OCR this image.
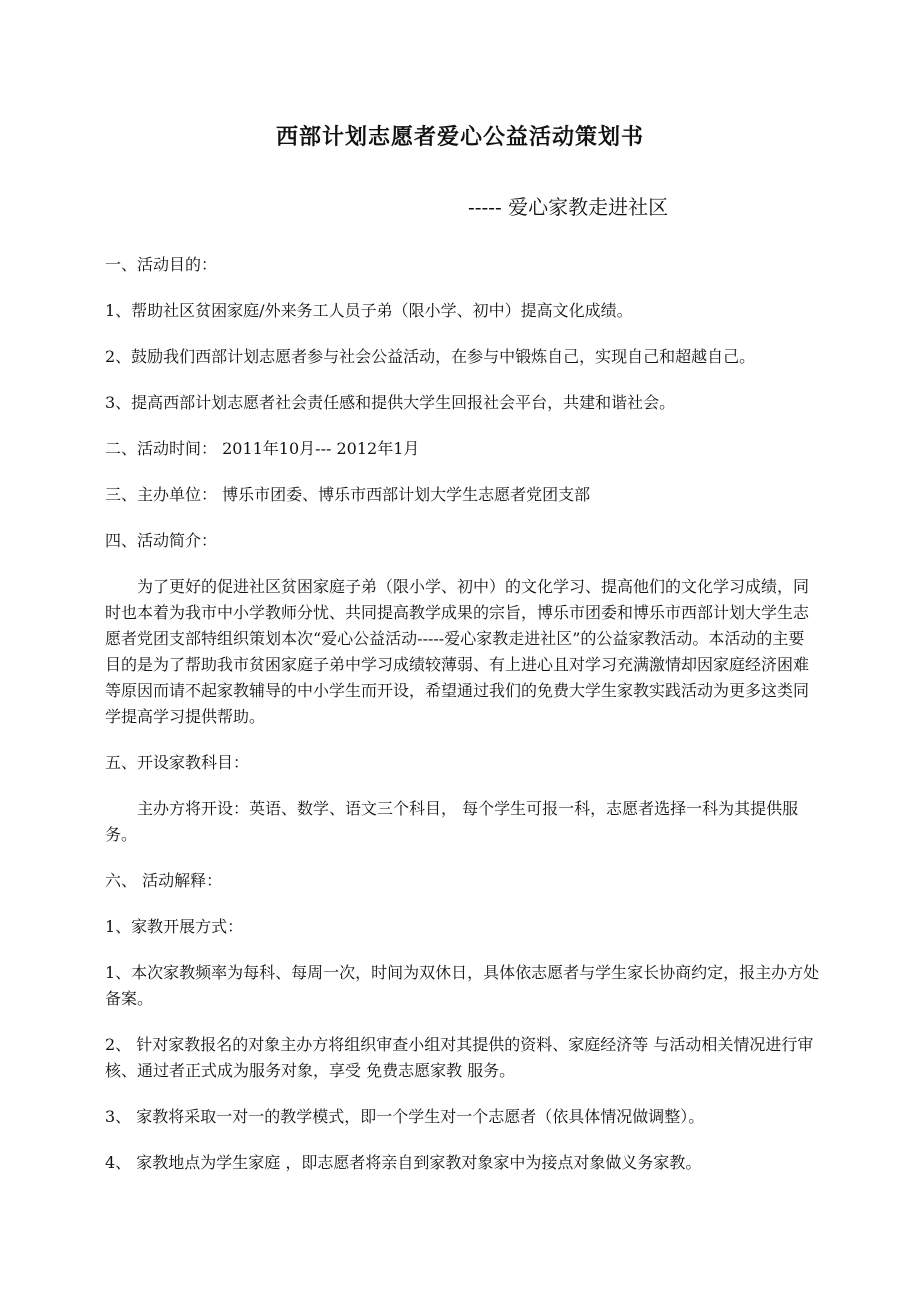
西部计划志愿者爱心公益活动策划书
----- 爱心家教走进社区

一、活动目的：

1、帮助社区贫困家庭/外来务工人员子弟（限小学、初中）提高文化成绩。

2、鼓励我们西部计划志愿者参与社会公益活动，在参与中锻炼自己，实现自己和超越自己。

3、提高西部计划志愿者社会责任感和提供大学生回报社会平台，共建和谐社会。

二、活动时间： 2011年10月--- 2012年1月

三、主办单位： 博乐市团委、博乐市西部计划大学生志愿者党团支部

四、活动简介：

为了更好的促进社区贫困家庭子弟（限小学、初中）的文化学习、提高他们的文化学习成绩，同时也本着为我市中小学教师分忧、共同提高教学成果的宗旨，博乐市团委和博乐市西部计划大学生志愿者党团支部特组织策划本次“爱心公益活动-----爱心家教走进社区”的公益家教活动。本活动的主要目的是为了帮助我市贫困家庭子弟中学习成绩较薄弱、有上进心且对学习充满激情却因家庭经济困难等原因而请不起家教辅导的中小学生而开设，希望通过我们的免费大学生家教实践活动为更多这类同学提高学习提供帮助。

五、开设家教科目：

主办方将开设：英语、数学、语文三个科目， 每个学生可报一科，志愿者选择一科为其提供服务。

六、 活动解释：

1、家教开展方式：

1、本次家教频率为每科、每周一次，时间为双休日，具体依志愿者与学生家长协商约定，报主办方处备案。

2、 针对家教报名的对象主办方将组织审查小组对其提供的资料、家庭经济等 与活动相关情况进行审核、通过者正式成为服务对象，享受 免费志愿家教 服务。

3、 家教将采取一对一的教学模式，即一个学生对一个志愿者（依具体情况做调整）。

4、 家教地点为学生家庭 ，即志愿者将亲自到家教对象家中为接点对象做义务家教。
